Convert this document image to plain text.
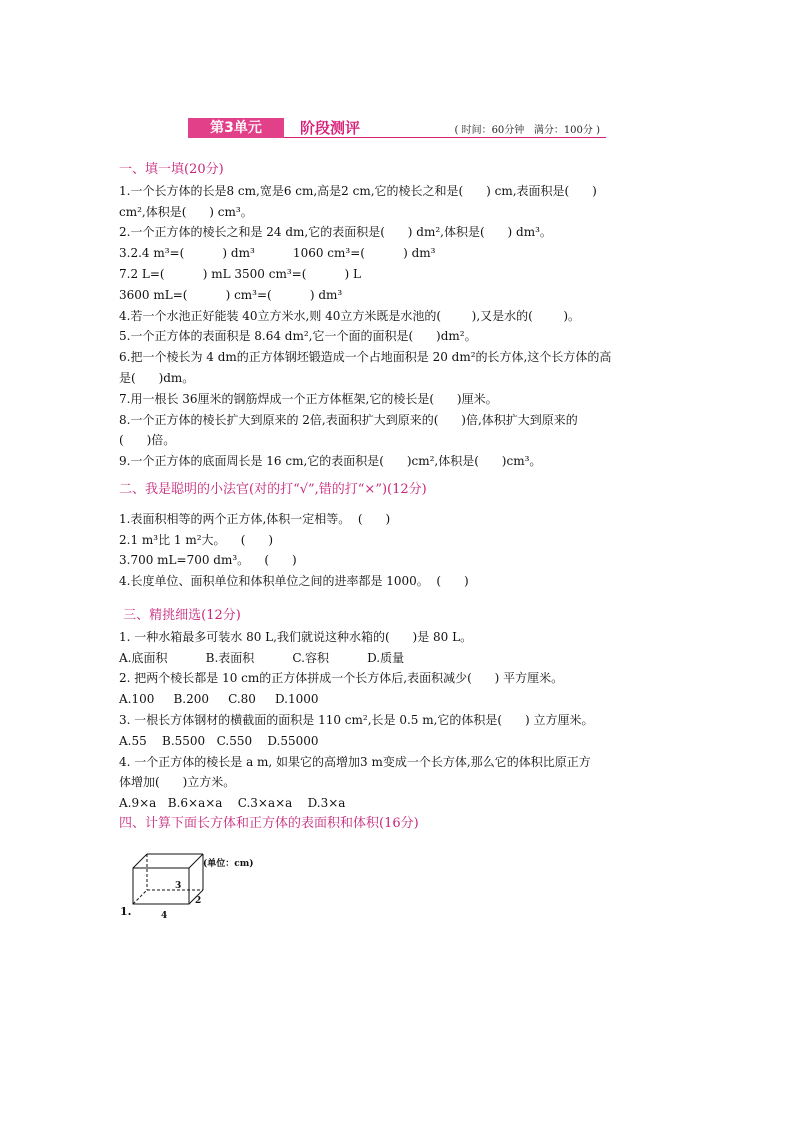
第3单元	阶段测评	( 时间：60分钟   满分：100分 )
一、填一填(20分)
1.一个长方体的长是8 cm,宽是6 cm,高是2 cm,它的棱长之和是(      ) cm,表面积是(      )
cm²,体积是(      ) cm³。
2.一个正方体的棱长之和是 24 dm,它的表面积是(      ) dm²,体积是(      ) dm³。
3.2.4 m³=(          ) dm³          1060 cm³=(          ) dm³
7.2 L=(          ) mL 3500 cm³=(          ) L
3600 mL=(          ) cm³=(          ) dm³
4.若一个水池正好能装 40立方米水,则 40立方米既是水池的(        ),又是水的(        )。
5.一个正方体的表面积是 8.64 dm²,它一个面的面积是(      )dm²。
6.把一个棱长为 4 dm的正方体钢坯锻造成一个占地面积是 20 dm²的长方体,这个长方体的高
是(      )dm。
7.用一根长 36厘米的钢筋焊成一个正方体框架,它的棱长是(      )厘米。
8.一个正方体的棱长扩大到原来的 2倍,表面积扩大到原来的(      )倍,体积扩大到原来的
(      )倍。
9.一个正方体的底面周长是 16 cm,它的表面积是(      )cm²,体积是(      )cm³。
二、我是聪明的小法官(对的打“√”,错的打“×”)(12分)
1.表面积相等的两个正方体,体积一定相等。  (      )
2.1 m³比 1 m²大。    (      )
3.700 mL=700 dm³。    (      )
4.长度单位、面积单位和体积单位之间的进率都是 1000。  (      )
三、精挑细选(12分)
1. 一种水箱最多可装水 80 L,我们就说这种水箱的(      )是 80 L。
A.底面积          B.表面积          C.容积          D.质量
2. 把两个棱长都是 10 cm的正方体拼成一个长方体后,表面积减少(      ) 平方厘米。
A.100     B.200     C.80     D.1000
3. 一根长方体钢材的横截面的面积是 110 cm²,长是 0.5 m,它的体积是(      ) 立方厘米。
A.55    B.5500   C.550    D.55000
4. 一个正方体的棱长是 a m, 如果它的高增加3 m变成一个长方体,那么它的体积比原正方
体增加(      )立方米。
A.9×a   B.6×a×a    C.3×a×a    D.3×a
四、计算下面长方体和正方体的表面积和体积(16分)
(单位：cm)
3
2
4
1.
